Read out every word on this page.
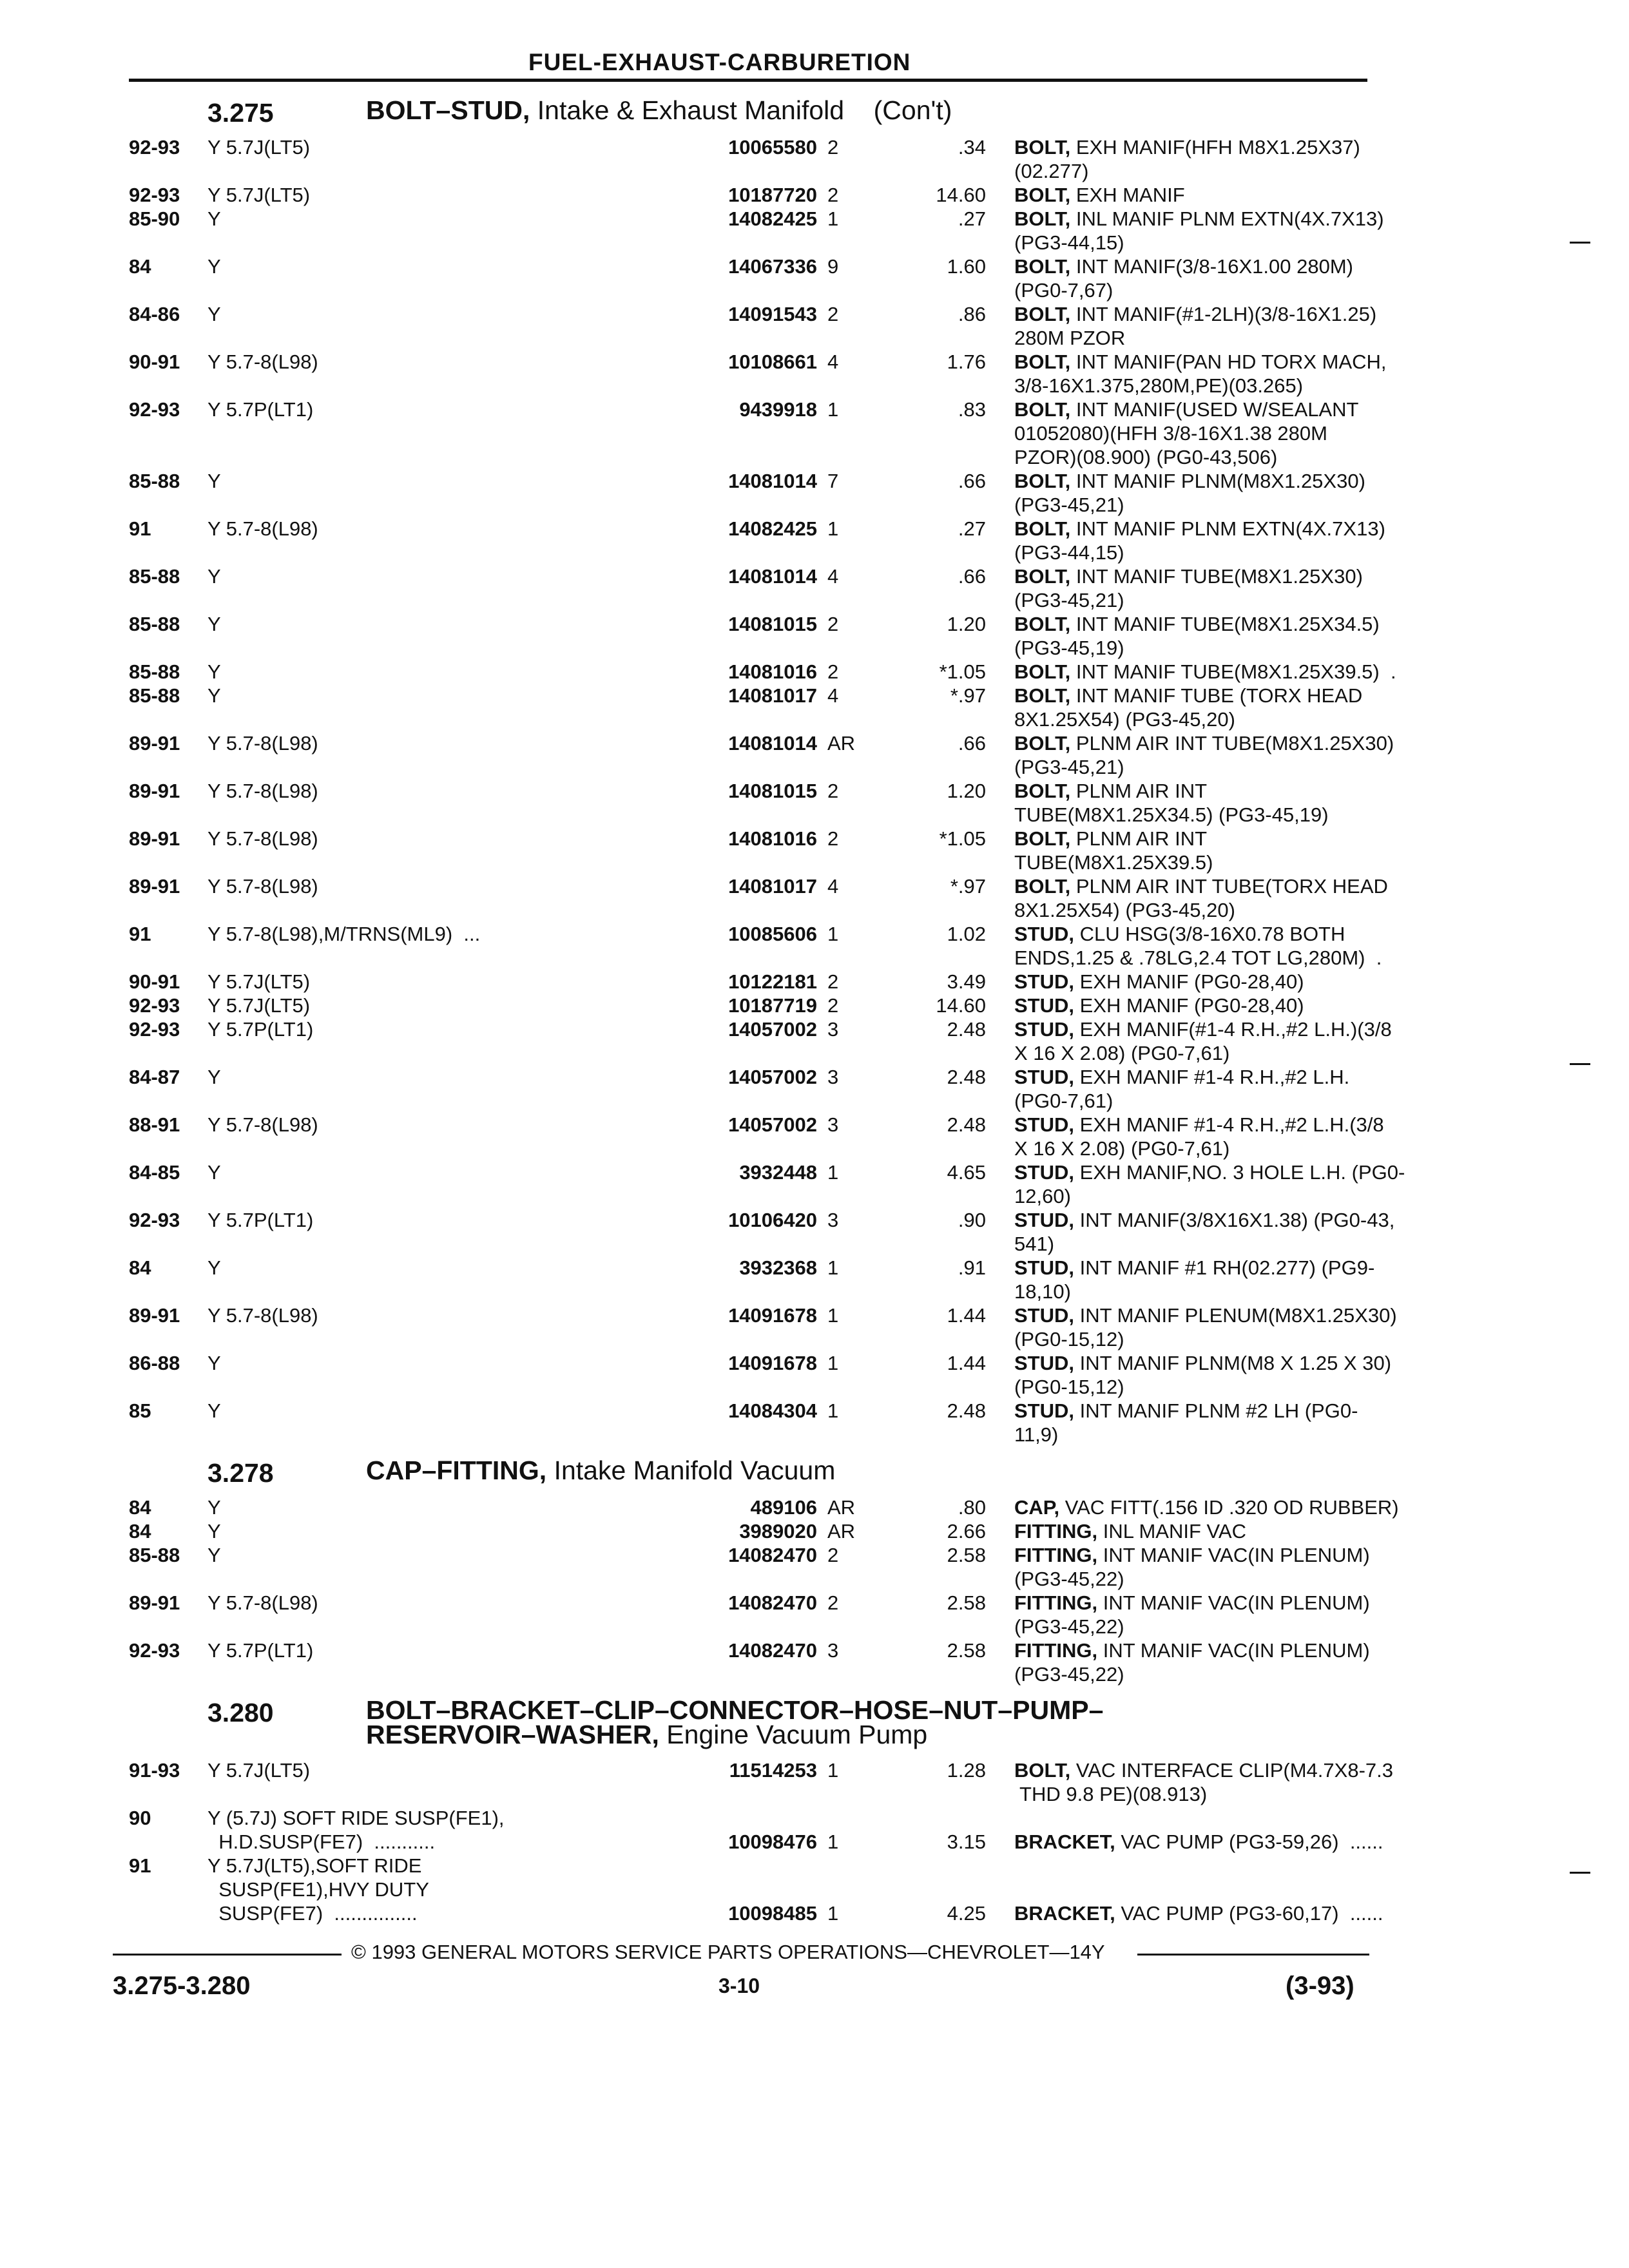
FUEL-EXHAUST-CARBURETION
3.275	BOLT–STUD, Intake & Exhaust Manifold    (Con't)
92-93 Y 5.7J(LT5)	10065580 2	.34 BOLT, EXH MANIF(HFH M8X1.25X37)
(02.277)
92-93 Y 5.7J(LT5)	10187720 2	14.60 BOLT, EXH MANIF
85-90 Y	14082425 1	.27 BOLT, INL MANIF PLNM EXTN(4X.7X13)
(PG3-44,15)
84	Y	14067336 9	1.60 BOLT, INT MANIF(3/8-16X1.00 280M)
(PG0-7,67)
84-86 Y	14091543 2	.86 BOLT, INT MANIF(#1-2LH)(3/8-16X1.25)
280M PZOR
90-91 Y 5.7-8(L98)	10108661 4	1.76 BOLT, INT MANIF(PAN HD TORX MACH,
3/8-16X1.375,280M,PE)(03.265)
92-93 Y 5.7P(LT1)	9439918 1	.83 BOLT, INT MANIF(USED W/SEALANT
01052080)(HFH 3/8-16X1.38 280M
PZOR)(08.900) (PG0-43,506)
85-88 Y	14081014 7	.66 BOLT, INT MANIF PLNM(M8X1.25X30)
(PG3-45,21)
91	Y 5.7-8(L98)	14082425 1	.27 BOLT, INT MANIF PLNM EXTN(4X.7X13)
(PG3-44,15)
85-88 Y	14081014 4	.66 BOLT, INT MANIF TUBE(M8X1.25X30)
(PG3-45,21)
85-88 Y	14081015 2	1.20 BOLT, INT MANIF TUBE(M8X1.25X34.5)
(PG3-45,19)
85-88 Y	14081016 2	*1.05 BOLT, INT MANIF TUBE(M8X1.25X39.5)  .
85-88 Y	14081017 4	*.97 BOLT, INT MANIF TUBE (TORX HEAD
8X1.25X54) (PG3-45,20)
89-91 Y 5.7-8(L98)	14081014 AR	.66 BOLT, PLNM AIR INT TUBE(M8X1.25X30)
(PG3-45,21)
89-91 Y 5.7-8(L98)	14081015 2	1.20 BOLT, PLNM AIR INT
TUBE(M8X1.25X34.5) (PG3-45,19)
89-91 Y 5.7-8(L98)	14081016 2	*1.05 BOLT, PLNM AIR INT
TUBE(M8X1.25X39.5)
89-91 Y 5.7-8(L98)	14081017 4	*.97 BOLT, PLNM AIR INT TUBE(TORX HEAD
8X1.25X54) (PG3-45,20)
91	Y 5.7-8(L98),M/TRNS(ML9)  ...	10085606 1	1.02 STUD, CLU HSG(3/8-16X0.78 BOTH
ENDS,1.25 & .78LG,2.4 TOT LG,280M)  .
90-91 Y 5.7J(LT5)	10122181 2	3.49 STUD, EXH MANIF (PG0-28,40)
92-93 Y 5.7J(LT5)	10187719 2	14.60 STUD, EXH MANIF (PG0-28,40)
92-93 Y 5.7P(LT1)	14057002 3	2.48 STUD, EXH MANIF(#1-4 R.H.,#2 L.H.)(3/8
X 16 X 2.08) (PG0-7,61)
84-87 Y	14057002 3	2.48 STUD, EXH MANIF #1-4 R.H.,#2 L.H.
(PG0-7,61)
88-91 Y 5.7-8(L98)	14057002 3	2.48 STUD, EXH MANIF #1-4 R.H.,#2 L.H.(3/8
X 16 X 2.08) (PG0-7,61)
84-85 Y	3932448 1	4.65 STUD, EXH MANIF,NO. 3 HOLE L.H. (PG0-
12,60)
92-93 Y 5.7P(LT1)	10106420 3	.90 STUD, INT MANIF(3/8X16X1.38) (PG0-43,
541)
84	Y	3932368 1	.91 STUD, INT MANIF #1 RH(02.277) (PG9-
18,10)
89-91 Y 5.7-8(L98)	14091678 1	1.44 STUD, INT MANIF PLENUM(M8X1.25X30)
(PG0-15,12)
86-88 Y	14091678 1	1.44 STUD, INT MANIF PLNM(M8 X 1.25 X 30)
(PG0-15,12)
85	Y	14084304 1	2.48 STUD, INT MANIF PLNM #2 LH (PG0-
11,9)
3.278	CAP–FITTING, Intake Manifold Vacuum
84	Y	489106 AR	.80 CAP, VAC FITT(.156 ID .320 OD RUBBER)
84	Y	3989020 AR	2.66 FITTING, INL MANIF VAC
85-88 Y	14082470 2	2.58 FITTING, INT MANIF VAC(IN PLENUM)
(PG3-45,22)
89-91 Y 5.7-8(L98)	14082470 2	2.58 FITTING, INT MANIF VAC(IN PLENUM)
(PG3-45,22)
92-93 Y 5.7P(LT1)	14082470 3	2.58 FITTING, INT MANIF VAC(IN PLENUM)
(PG3-45,22)
3.280	BOLT–BRACKET–CLIP–CONNECTOR–HOSE–NUT–PUMP–
RESERVOIR–WASHER, Engine Vacuum Pump
91-93 Y 5.7J(LT5)	11514253 1	1.28 BOLT, VAC INTERFACE CLIP(M4.7X8-7.3
THD 9.8 PE)(08.913)
90	Y (5.7J) SOFT RIDE SUSP(FE1),
H.D.SUSP(FE7)  ...........	10098476 1	3.15 BRACKET, VAC PUMP (PG3-59,26)  ......
91	Y 5.7J(LT5),SOFT RIDE
SUSP(FE1),HVY DUTY
SUSP(FE7)  ...............	10098485 1	4.25 BRACKET, VAC PUMP (PG3-60,17)  ......
© 1993 GENERAL MOTORS SERVICE PARTS OPERATIONS—CHEVROLET—14Y
3.275-3.280	3-10	(3-93)
